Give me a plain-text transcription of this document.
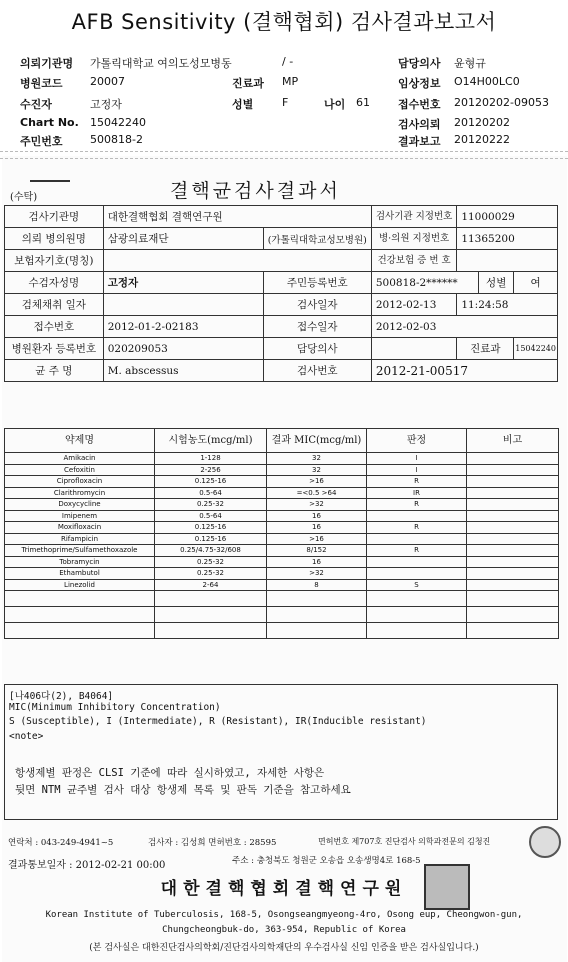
AFB Sensitivity (결핵협회) 검사결과보고서
의뢰기관명 가톨릭대학교 여의도성모병동	/ -	담당의사 윤형규
병원코드 20007	진료과 MP	임상정보 O14H00LC0
수진자	고정자	성별	F	나이 61	접수번호 20120202-09053
Chart No. 15042240	검사의뢰 20120202
주민번호 500818-2	결과보고 20120222
(수탁)	결핵균검사결과서
검사기관명	대한결핵협회 결핵연구원		검사기관 지정번호	11000029		
의뢰 병의원명	삼광의료재단	(가톨릭대학교성모병원)	병·의원 지정번호	11365200		
보험자기호(명칭)			건강보험 증 번 호			
수검자성명	고정자	주민등록번호	500818-2******		성별	여
검체채취 일자		검사일자	2012-02-13	11:24:58		
접수번호	2012-01-2-02183	접수일자	2012-02-03			
병원환자 등록번호	020209053	담당의사		진료과		15042240
균 주 명	M. abscessus	검사번호	2012-21-00517			
약제명	시험농도(mcg/ml)	결과 MIC(mcg/ml)	판정	비고
Amikacin	1-128	32	I	
Cefoxitin	2-256	32	I	
Ciprofloxacin	0.125-16	>16	R	
Clarithromycin	0.5-64	=<0.5 >64	IR	
Doxycycline	0.25-32	>32	R	
Imipenem	0.5-64	16		
Moxifloxacin	0.125-16	16	R	
Rifampicin	0.125-16	>16		
Trimethoprime/Sulfamethoxazole	0.25/4.75-32/608	8/152	R	
Tobramycin	0.25-32	16		
Ethambutol	0.25-32	>32		
Linezolid	2-64	8	S	

[나406다(2), B4064]
MIC(Minimum Inhibitory Concentration)
S (Susceptible), I (Intermediate), R (Resistant), IR(Inducible resistant)
<note>
항생제별 판정은 CLSI 기준에 따라 실시하였고, 자세한 사항은
뒷면 NTM 균주별 검사 대상 항생제 목록 및 판독 기준을 참고하세요
연락처 : 043-249-4941~5	검사자 : 김성희 면허번호 : 28595	면허번호 제707호 진단검사 의학과전문의 김청진
결과통보일자 : 2012-02-21 00:00	주소 : 충청북도 청원군 오송읍 오송생명4로 168-5
대한결핵협회결핵연구원
Korean Institute of Tuberculosis, 168-5, Osongseangmyeong-4ro, Osong eup, Cheongwon-gun,
Chungcheongbuk-do, 363-954, Republic of Korea
(본 검사실은 대한진단검사의학회/진단검사의학재단의 우수검사실 신임 인증을 받은 검사실입니다.)
